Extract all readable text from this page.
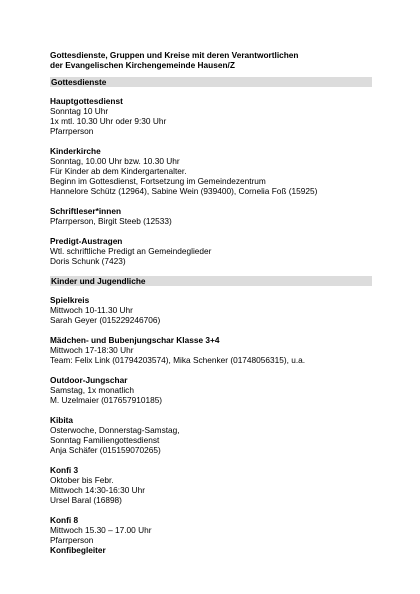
Gottesdienste, Gruppen und Kreise mit deren Verantwortlichen
der Evangelischen Kirchengemeinde Hausen/Z
Gottesdienste
Hauptgottesdienst
Sonntag 10 Uhr
1x mtl. 10.30 Uhr oder 9:30 Uhr
Pfarrperson
Kinderkirche
Sonntag, 10.00 Uhr bzw. 10.30 Uhr
Für Kinder ab dem Kindergartenalter.
Beginn im Gottesdienst, Fortsetzung im Gemeindezentrum
Hannelore Schütz (12964), Sabine Wein (939400), Cornelia Foß (15925)
Schriftleser*innen
Pfarrperson, Birgit Steeb (12533)
Predigt-Austragen
Wtl. schriftliche Predigt an Gemeindeglieder
Doris Schunk (7423)
Kinder und Jugendliche
Spielkreis
Mittwoch 10-11.30 Uhr
Sarah Geyer (015229246706)
Mädchen- und Bubenjungschar Klasse 3+4
Mittwoch 17-18:30 Uhr
Team: Felix Link (01794203574), Mika Schenker (01748056315), u.a.
Outdoor-Jungschar
Samstag, 1x monatlich
M. Uzelmaier (017657910185)
Kibita
Osterwoche, Donnerstag-Samstag,
Sonntag Familiengottesdienst
Anja Schäfer (015159070265)
Konfi 3
Oktober bis Febr.
Mittwoch 14:30-16:30 Uhr
Ursel Baral (16898)
Konfi 8
Mittwoch 15.30 – 17.00 Uhr
Pfarrperson
Konfibegleiter
